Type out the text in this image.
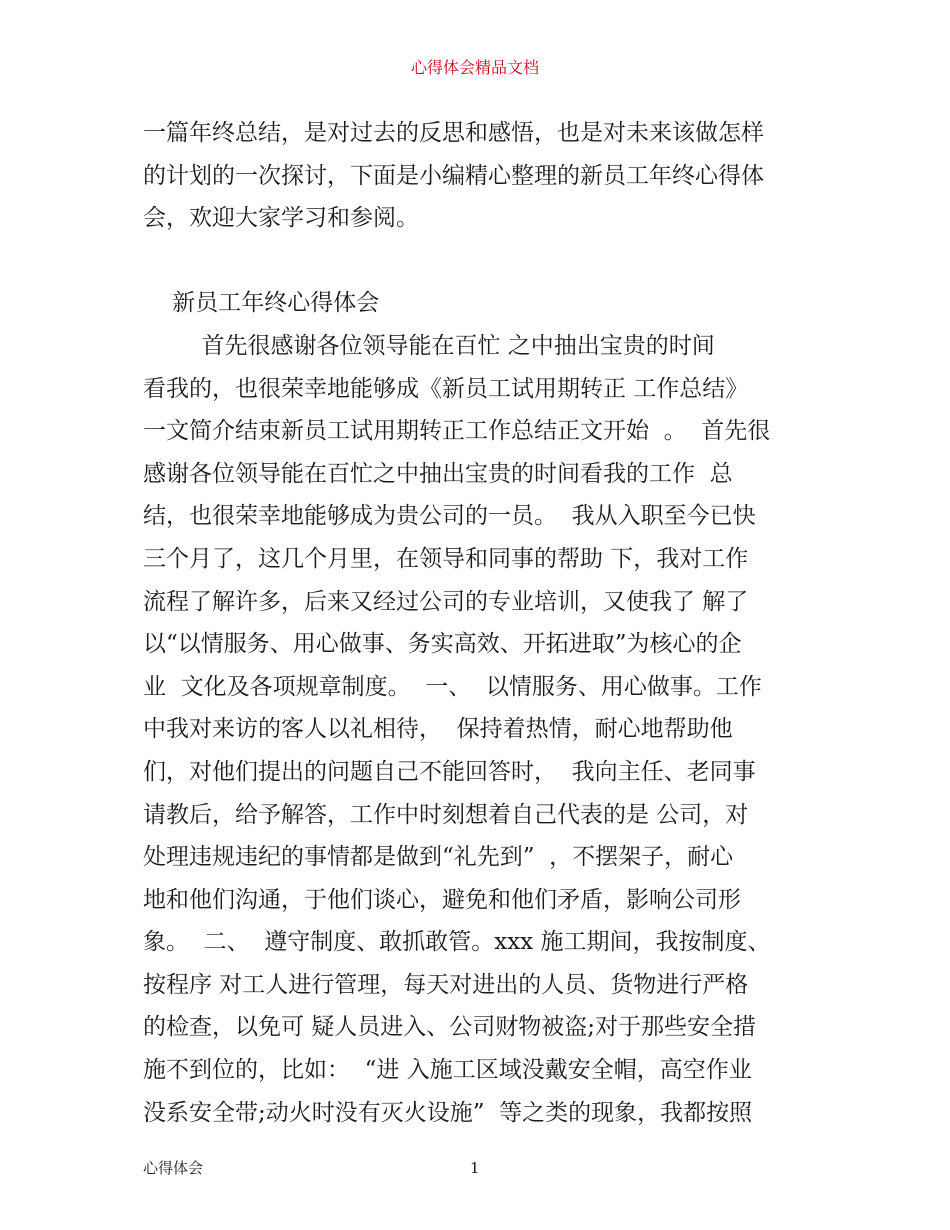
心得体会精品文档
一篇年终总结，是对过去的反思和感悟，也是对未来该做怎样
的计划的一次探讨，下面是小编精心整理的新员工年终心得体
会，欢迎大家学习和参阅。
新员工年终心得体会
首先很感谢各位领导能在百忙 之中抽出宝贵的时间
看我的，也很荣幸地能够成《新员工试用期转正 工作总结》
一文简介结束新员工试用期转正工作总结正文开始  。  首先很
感谢各位领导能在百忙之中抽出宝贵的时间看我的工作  总
结，也很荣幸地能够成为贵公司的一员。  我从入职至今已快
三个月了，这几个月里，在领导和同事的帮助 下，我对工作
流程了解许多，后来又经过公司的专业培训，又使我了 解了
以“以情服务、用心做事、务实高效、开拓进取”为核心的企
业  文化及各项规章制度。  一、  以情服务、用心做事。工作
中我对来访的客人以礼相待，  保持着热情，耐心地帮助他
们，对他们提出的问题自己不能回答时，  我向主任、老同事
请教后，给予解答，工作中时刻想着自己代表的是 公司，对
处理违规违纪的事情都是做到“礼先到”  ，不摆架子，耐心
地和他们沟通，于他们谈心，避免和他们矛盾，影响公司形
象。  二、  遵守制度、敢抓敢管。xxx 施工期间，我按制度、
按程序 对工人进行管理，每天对进出的人员、货物进行严格
的检查，以免可 疑人员进入、公司财物被盗;对于那些安全措
施不到位的，比如：  “进 入施工区域没戴安全帽，高空作业
没系安全带;动火时没有灭火设施”  等之类的现象，我都按照
心得体会	1
